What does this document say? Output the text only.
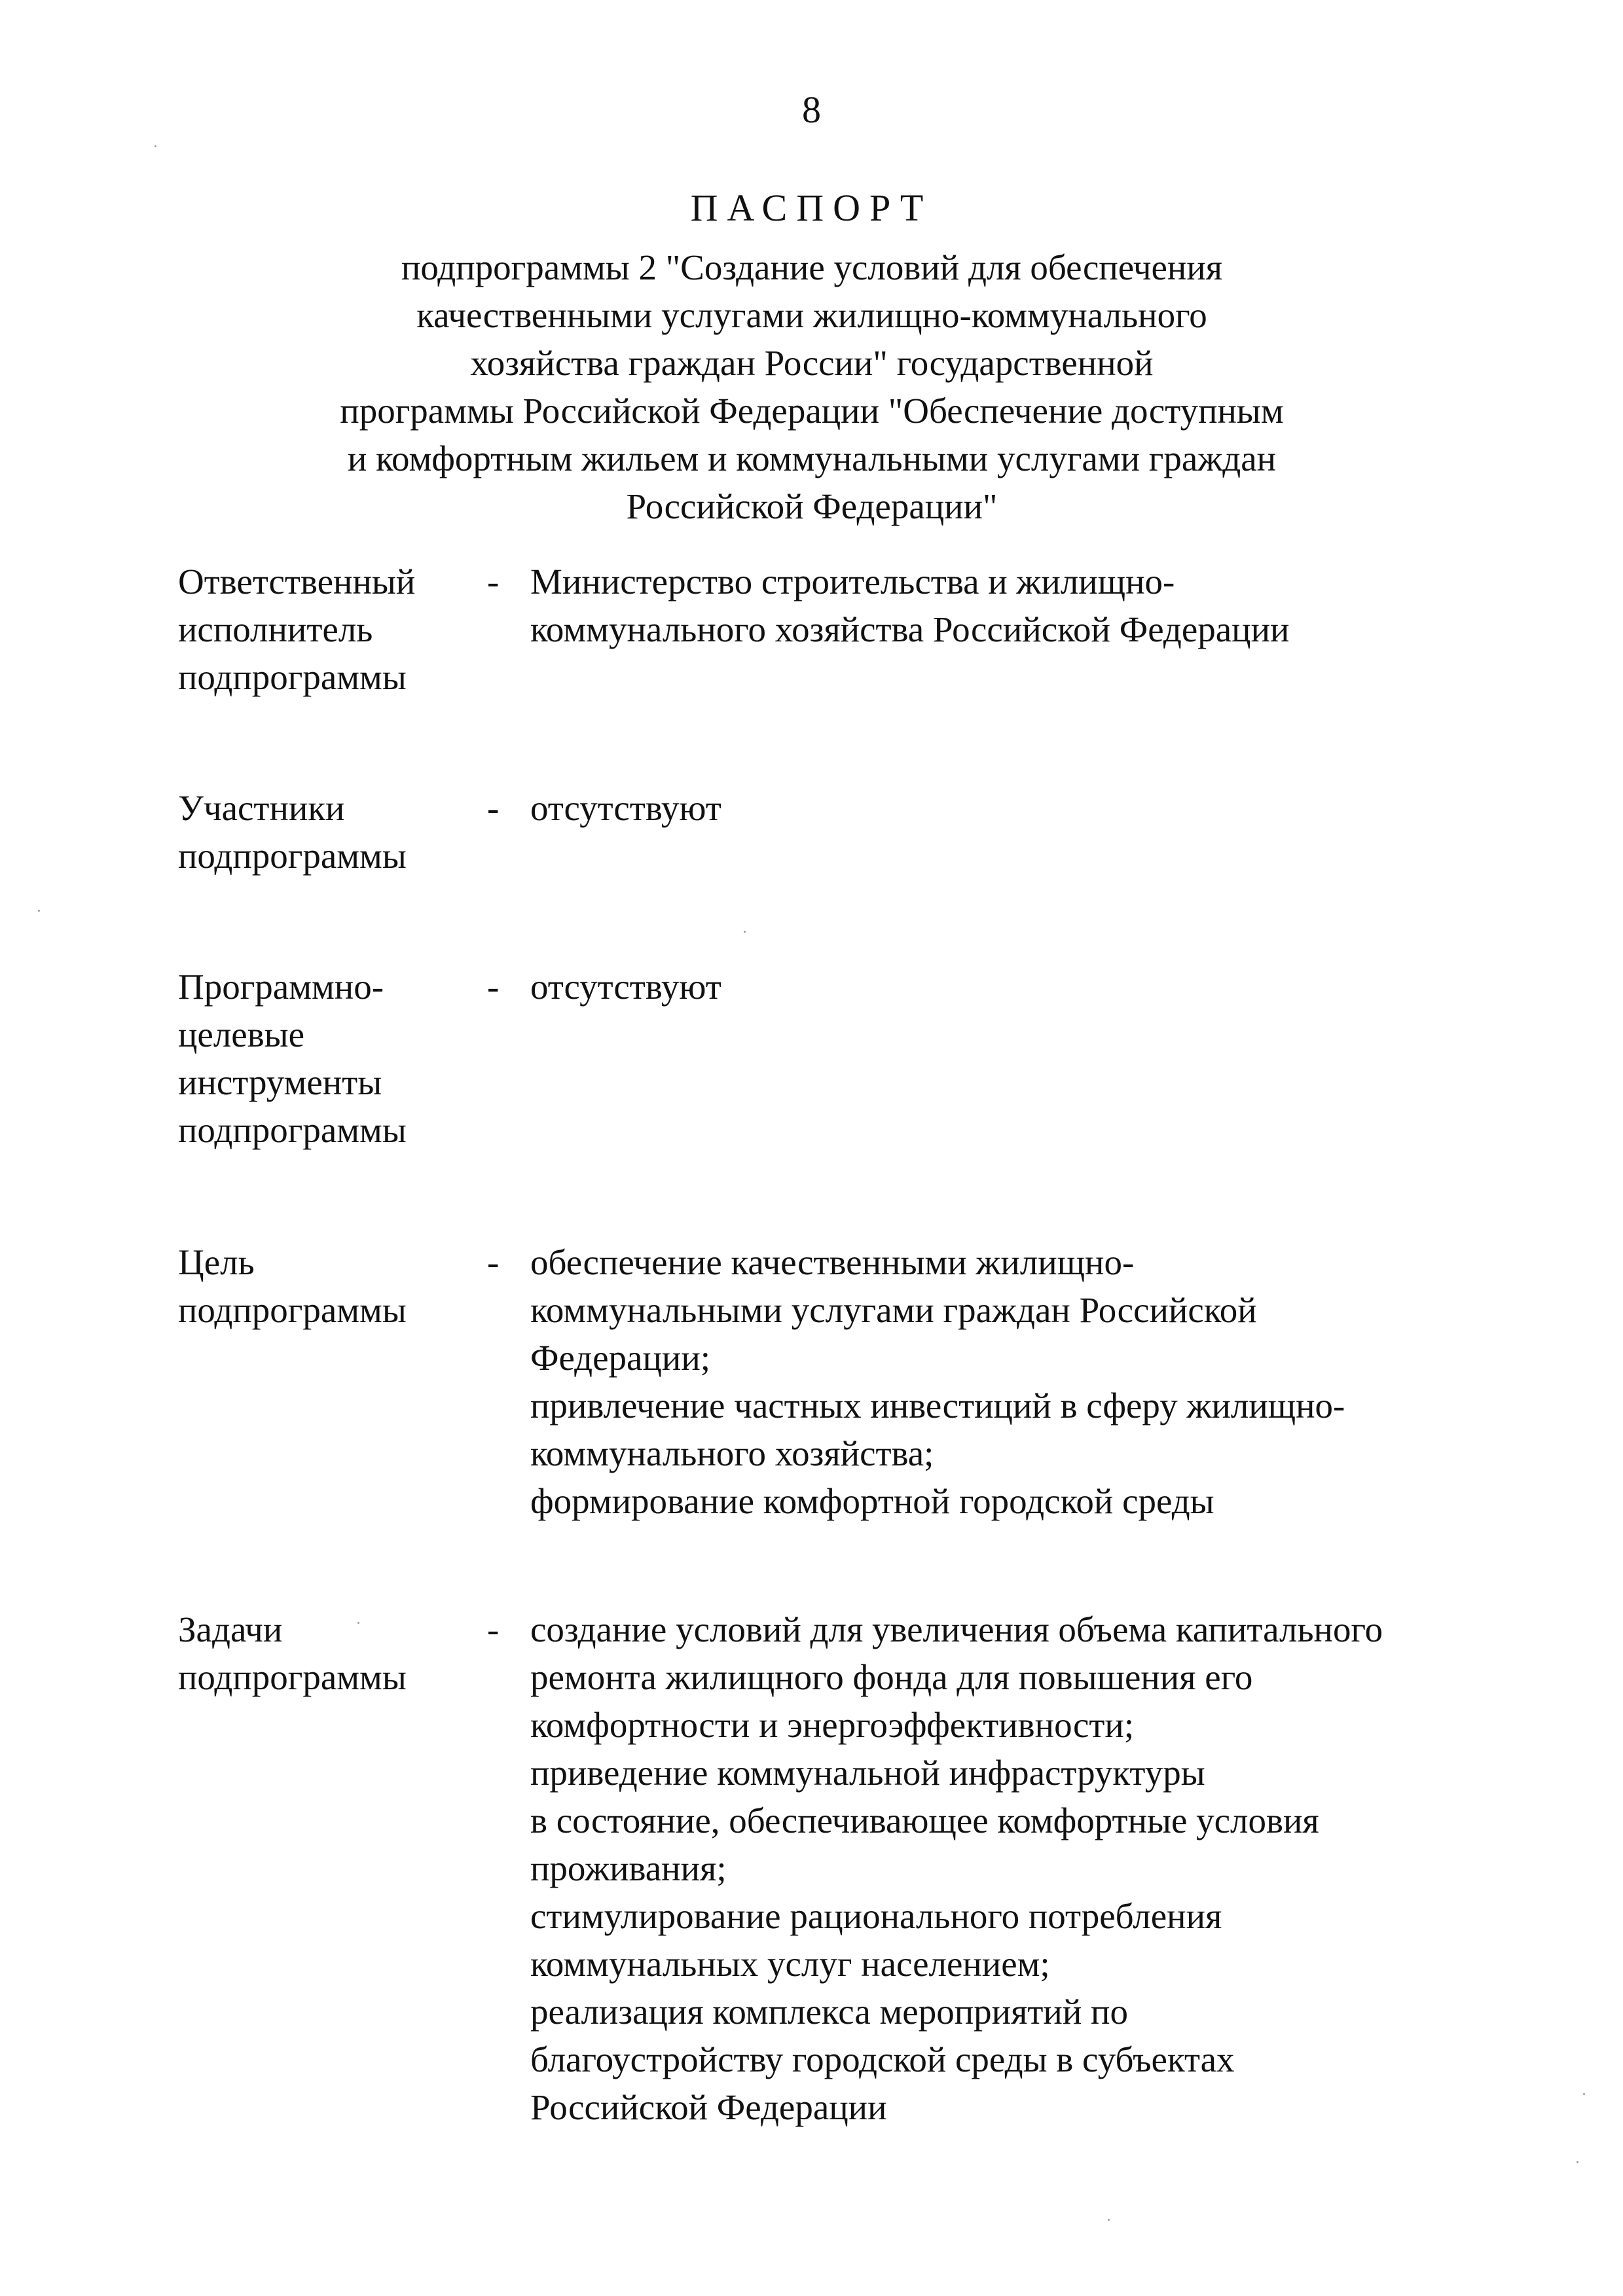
8
ПАСПОРТ
подпрограммы 2 "Создание условий для обеспечения
качественными услугами жилищно-коммунального
хозяйства граждан России" государственной
программы Российской Федерации "Обеспечение доступным
и комфортным жильем и коммунальными услугами граждан
Российской Федерации"
Ответственный
исполнитель
подпрограммы
- Министерство строительства и жилищно-
коммунального хозяйства Российской Федерации
Участники
подпрограммы
- отсутствуют
Программно-
целевые
инструменты
подпрограммы
- отсутствуют
Цель
подпрограммы
- обеспечение качественными жилищно-
коммунальными услугами граждан Российской
Федерации;
привлечение частных инвестиций в сферу жилищно-
коммунального хозяйства;
формирование комфортной городской среды
Задачи
подпрограммы
- создание условий для увеличения объема капитального
ремонта жилищного фонда для повышения его
комфортности и энергоэффективности;
приведение коммунальной инфраструктуры
в состояние, обеспечивающее комфортные условия
проживания;
стимулирование рационального потребления
коммунальных услуг населением;
реализация комплекса мероприятий по
благоустройству городской среды в субъектах
Российской Федерации
